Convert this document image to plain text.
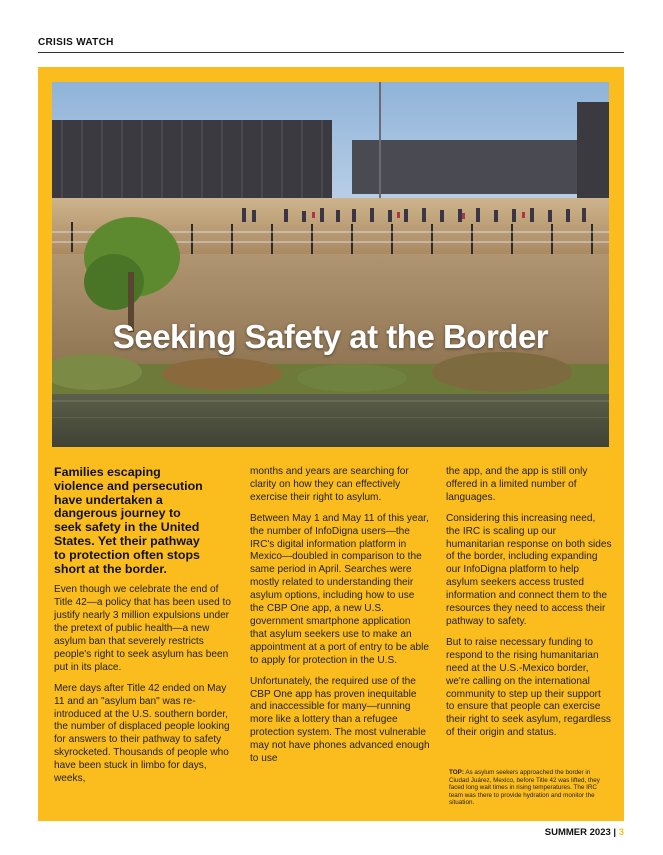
CRISIS WATCH
Seeking Safety at the Border

Families escaping violence and persecution have undertaken a dangerous journey to seek safety in the United States. Yet their pathway to protection often stops short at the border.

Even though we celebrate the end of Title 42—a policy that has been used to justify nearly 3 million expulsions under the pretext of public health—a new asylum ban that severely restricts people's right to seek asylum has been put in its place.

Mere days after Title 42 ended on May 11 and an "asylum ban" was re-introduced at the U.S. southern border, the number of displaced people looking for answers to their pathway to safety skyrocketed. Thousands of people who have been stuck in limbo for days, weeks,

months and years are searching for clarity on how they can effectively exercise their right to asylum.

Between May 1 and May 11 of this year, the number of InfoDigna users—the IRC's digital information platform in Mexico—doubled in comparison to the same period in April. Searches were mostly related to understanding their asylum options, including how to use the CBP One app, a new U.S. government smartphone application that asylum seekers use to make an appointment at a port of entry to be able to apply for protection in the U.S.

Unfortunately, the required use of the CBP One app has proven inequitable and inaccessible for many—running more like a lottery than a refugee protection system. The most vulnerable may not have phones advanced enough to use

the app, and the app is still only offered in a limited number of languages.

Considering this increasing need, the IRC is scaling up our humanitarian response on both sides of the border, including expanding our InfoDigna platform to help asylum seekers access trusted information and connect them to the resources they need to access their pathway to safety.

But to raise necessary funding to respond to the rising humanitarian need at the U.S.-Mexico border, we're calling on the international community to step up their support to ensure that people can exercise their right to seek asylum, regardless of their origin and status.

TOP: As asylum seekers approached the border in Ciudad Juárez, Mexico, before Title 42 was lifted, they faced long wait times in rising temperatures. The IRC team was there to provide hydration and monitor the situation.
SUMMER 2023 | 3
